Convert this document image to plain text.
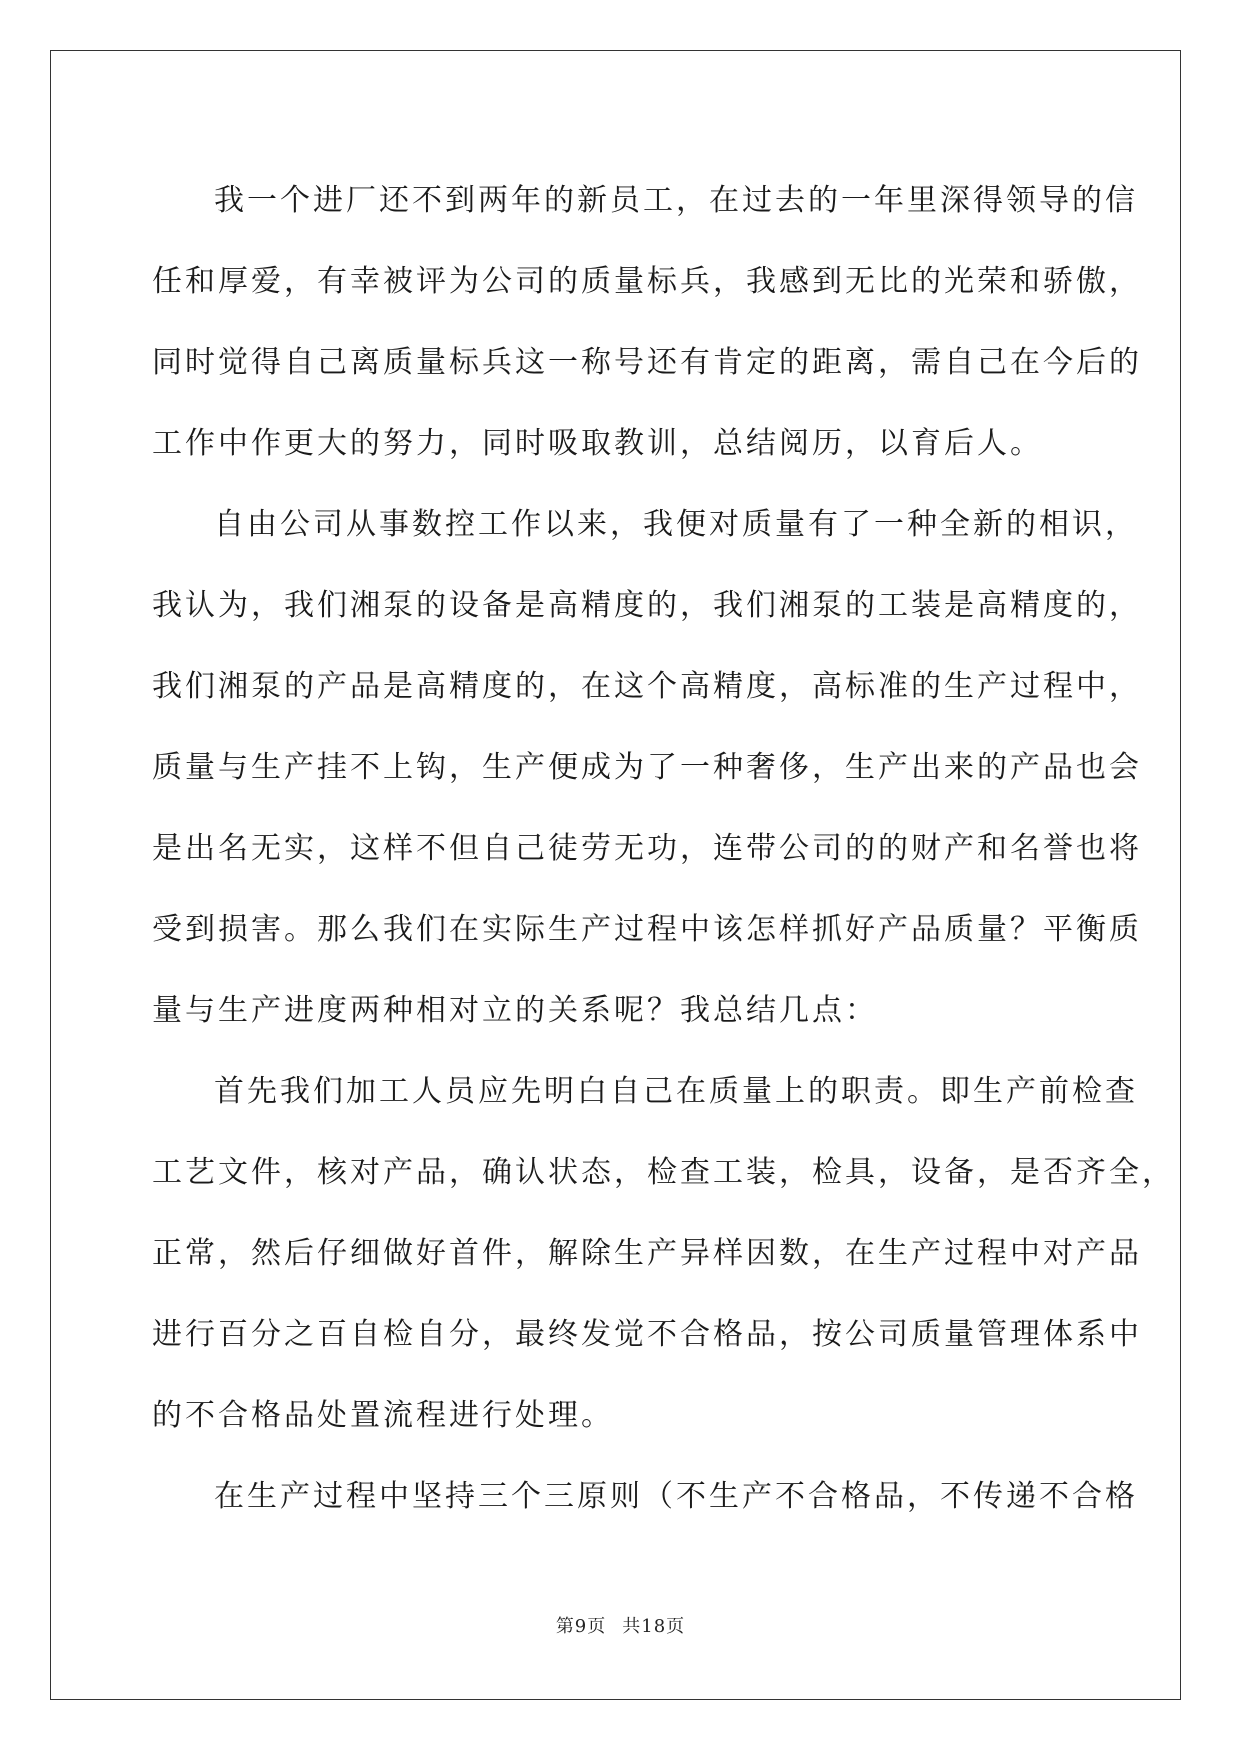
我一个进厂还不到两年的新员工，在过去的一年里深得领导的信
任和厚爱，有幸被评为公司的质量标兵，我感到无比的光荣和骄傲，
同时觉得自己离质量标兵这一称号还有肯定的距离，需自己在今后的
工作中作更大的努力，同时吸取教训，总结阅历，以育后人。
自由公司从事数控工作以来，我便对质量有了一种全新的相识，
我认为，我们湘泵的设备是高精度的，我们湘泵的工装是高精度的，
我们湘泵的产品是高精度的，在这个高精度，高标准的生产过程中，
质量与生产挂不上钩，生产便成为了一种奢侈，生产出来的产品也会
是出名无实，这样不但自己徒劳无功，连带公司的的财产和名誉也将
受到损害。那么我们在实际生产过程中该怎样抓好产品质量？平衡质
量与生产进度两种相对立的关系呢？我总结几点：
首先我们加工人员应先明白自己在质量上的职责。即生产前检查
工艺文件，核对产品，确认状态，检查工装，检具，设备，是否齐全，
正常，然后仔细做好首件，解除生产异样因数，在生产过程中对产品
进行百分之百自检自分，最终发觉不合格品，按公司质量管理体系中
的不合格品处置流程进行处理。
在生产过程中坚持三个三原则（不生产不合格品，不传递不合格
第9页 共18页
